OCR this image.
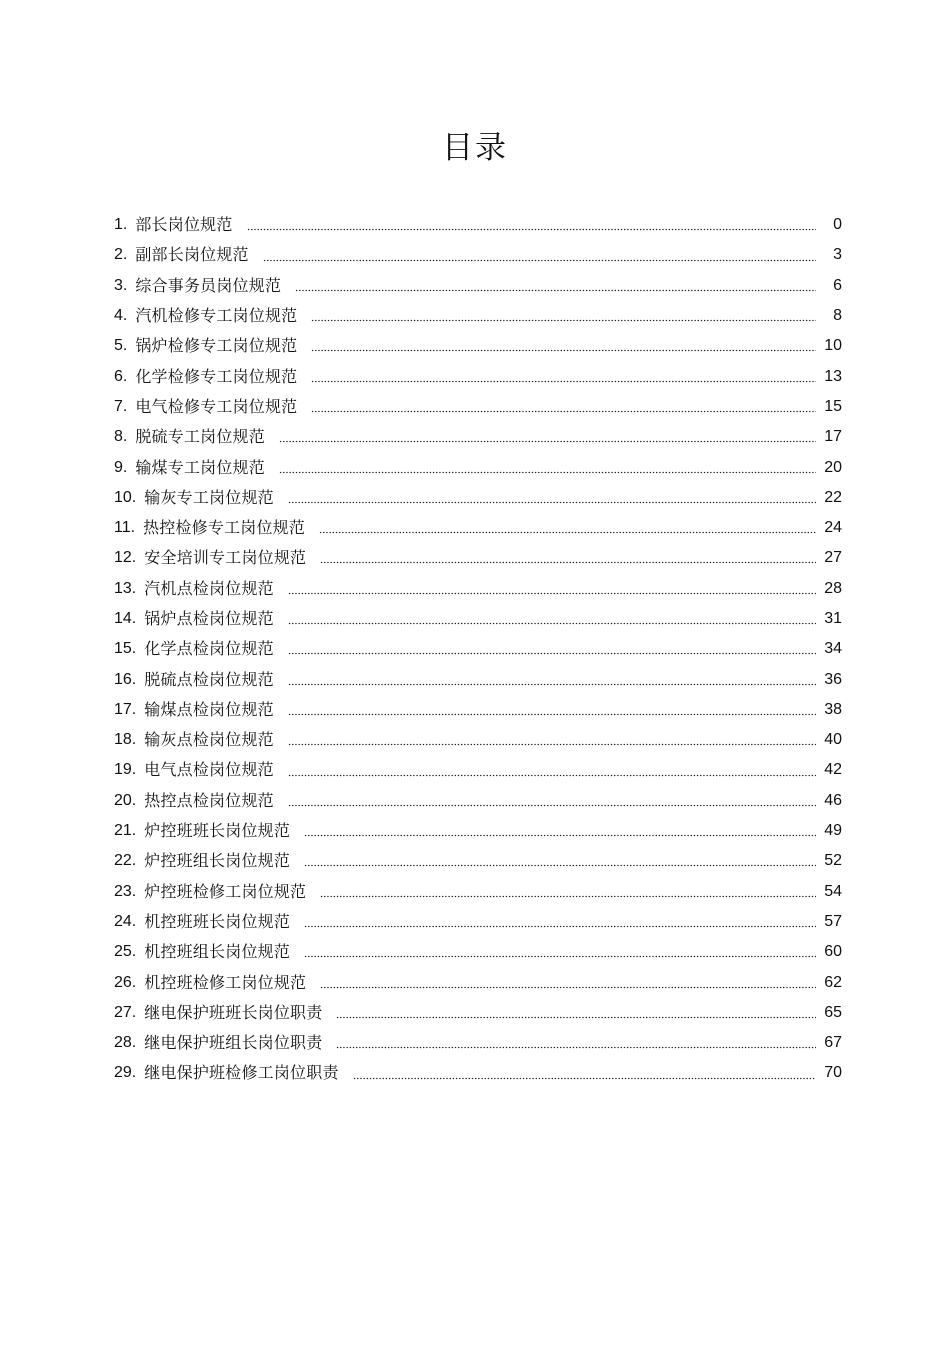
目录
1. 部长岗位规范	0
2. 副部长岗位规范	3
3. 综合事务员岗位规范	6
4. 汽机检修专工岗位规范	8
5. 锅炉检修专工岗位规范	10
6. 化学检修专工岗位规范	13
7. 电气检修专工岗位规范	15
8. 脱硫专工岗位规范	17
9. 输煤专工岗位规范	20
10. 输灰专工岗位规范	22
11. 热控检修专工岗位规范	24
12. 安全培训专工岗位规范	27
13. 汽机点检岗位规范	28
14. 锅炉点检岗位规范	31
15. 化学点检岗位规范	34
16. 脱硫点检岗位规范	36
17. 输煤点检岗位规范	38
18. 输灰点检岗位规范	40
19. 电气点检岗位规范	42
20. 热控点检岗位规范	46
21. 炉控班班长岗位规范	49
22. 炉控班组长岗位规范	52
23. 炉控班检修工岗位规范	54
24. 机控班班长岗位规范	57
25. 机控班组长岗位规范	60
26. 机控班检修工岗位规范	62
27. 继电保护班班长岗位职责	65
28. 继电保护班组长岗位职责	67
29. 继电保护班检修工岗位职责	70
